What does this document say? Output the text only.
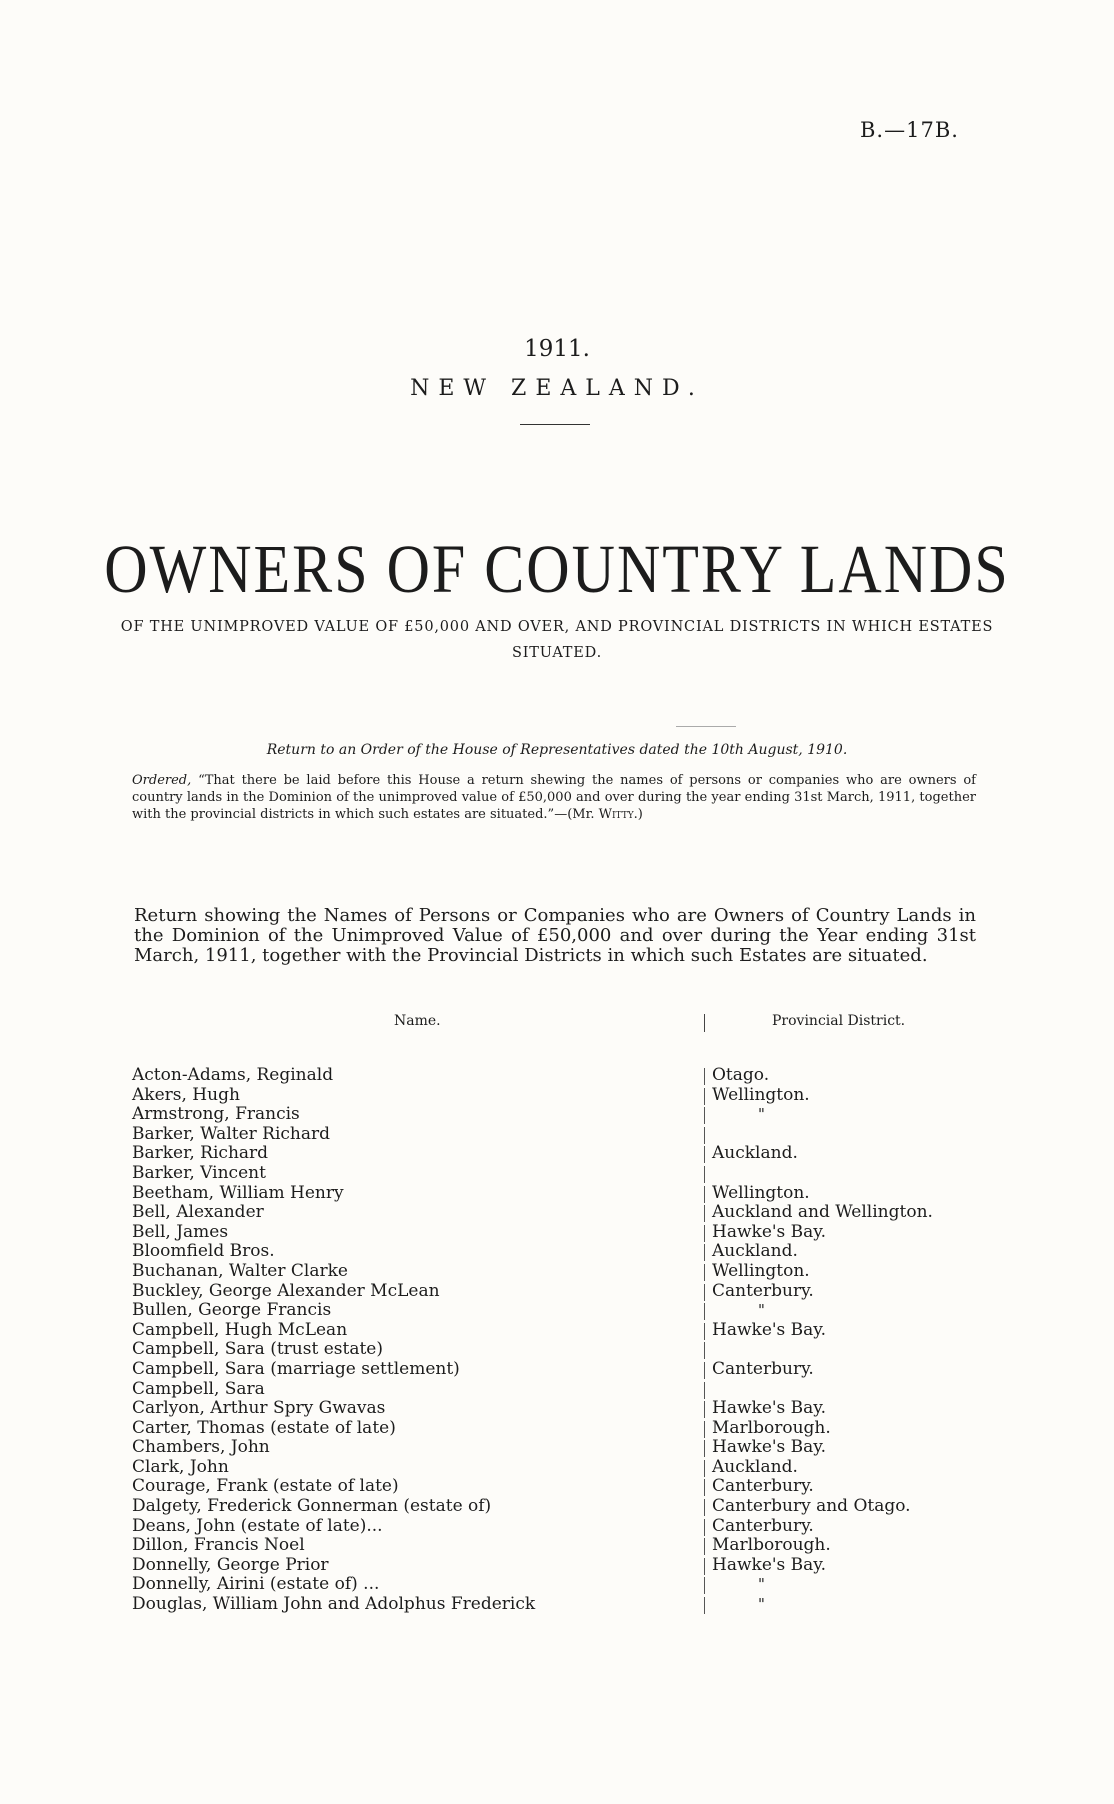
B.—17B.
1911.
NEW ZEALAND.
OWNERS OF COUNTRY LANDS
OF THE UNIMPROVED VALUE OF £50,000 AND OVER, AND PROVINCIAL DISTRICTS IN WHICH ESTATES SITUATED.
Return to an Order of the House of Representatives dated the 10th August, 1910.
Ordered, “That there be laid before this House a return shewing the names of persons or companies who are owners of country lands in the Dominion of the unimproved value of £50,000 and over during the year ending 31st March, 1911, together with the provincial districts in which such estates are situated.”—(Mr. Witty.)

Return showing the Names of Persons or Companies who are Owners of Country Lands in the Dominion of the Unimproved Value of £50,000 and over during the Year ending 31st March, 1911, together with the Provincial Districts in which such Estates are situated.

Name.	Provincial District.
Acton-Adams, Reginald	Otago.
Akers, Hugh	Wellington.
Armstrong, Francis	"
Barker, Walter Richard
Barker, Richard	Auckland.
Barker, Vincent
Beetham, William Henry	Wellington.
Bell, Alexander	Auckland and Wellington.
Bell, James	Hawke's Bay.
Bloomfield Bros.	Auckland.
Buchanan, Walter Clarke	Wellington.
Buckley, George Alexander McLean	Canterbury.
Bullen, George Francis	"
Campbell, Hugh McLean	Hawke's Bay.
Campbell, Sara (trust estate)
Campbell, Sara (marriage settlement)	Canterbury.
Campbell, Sara
Carlyon, Arthur Spry Gwavas	Hawke's Bay.
Carter, Thomas (estate of late)	Marlborough.
Chambers, John	Hawke's Bay.
Clark, John	Auckland.
Courage, Frank (estate of late)	Canterbury.
Dalgety, Frederick Gonnerman (estate of)	Canterbury and Otago.
Deans, John (estate of late)...	Canterbury.
Dillon, Francis Noel	Marlborough.
Donnelly, George Prior	Hawke's Bay.
Donnelly, Airini (estate of) ...	"
Douglas, William John and Adolphus Frederick	"
